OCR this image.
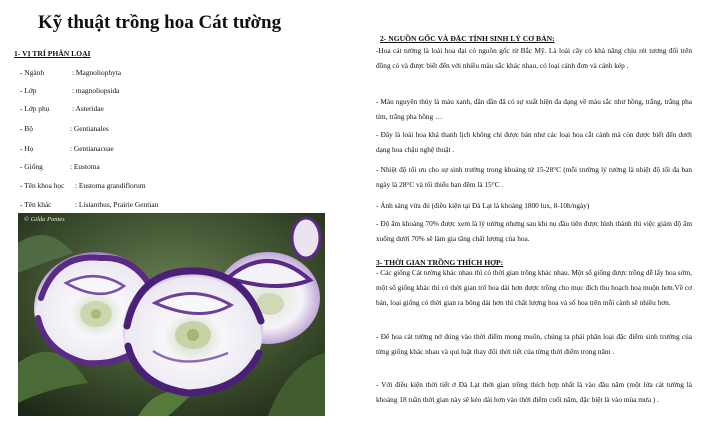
Kỹ thuật trồng hoa Cát tường
1- VỊ TRÍ PHÂN LOẠI
- Ngành	: Magnoliophyta
- Lớp	: magnoliopsida
- Lớp phụ	: Asteridae
- Bộ	: Gentianales
- Họ	: Gentianaceae
- Giống	: Eustoma
- Tên khoa học : Eustoma grandiflorum
- Tên khác	: Lisianthus, Prairie Gentian
© Gilda Pontes
2- NGUỒN GỐC VÀ ĐẶC TÍNH SINH LÝ CƠ BẢN:

-Hoa cát tường là loài hoa đại có nguồn gốc từ Bắc Mỹ. Là loài cây có khả năng chịu rét tương đối trên đồng cỏ và được biết đến với nhiều màu sắc khác nhau, có loại cánh đơn và cánh kép .

- Màu nguyên thủy là màu xanh, dần dần đã có sự xuất hiện đa dạng về màu sắc như hồng, trắng, trắng pha tím, trắng pha hồng …

- Đây là loài hoa khá thanh lịch không chỉ được bán như các loại hoa cắt cành mà còn được biết đến dưới dạng hoa chậu nghệ thuật .

- Nhiệt độ tối ưu cho sự sinh trưởng trong khoảng từ 15-28°C (mỗi trường lý tưởng là nhiệt độ tối đa ban ngày là 28°C và tối thiểu ban đêm là 15°C .

- Ánh sáng vừa đủ (điều kiện tại Đà Lạt là khoảng 1800 lux, 8-10h/ngày)

- Độ ẩm khoảng 70% được xem là lý tưởng nhưng sau khi nụ đầu tiên được hình thành thì việc giảm độ ẩm xuống dưới 70% sẽ làm gia tăng chất lượng của hoa.

3- THỜI GIAN TRỒNG THÍCH HỢP:

- Các giống Cát tường khác nhau thì có thời gian trồng khác nhau. Một số giống được trồng dễ lấy hoa sớm, một số giống khác thì có thời gian trổ hoa dài hơn được trồng cho mục đích thu hoạch hoa muộn hơn.Về cơ bản, loại giống có thời gian ra bông dài hơn thì chất lượng hoa và số hoa trên mỗi cành sẽ nhiều hơn.

- Để hoa cát tường nở đúng vào thời điểm mong muốn, chúng ta phải phân loại đặc điểm sinh trưởng của từng giống khác nhau và qui luật thay đổi thời tiết của từng thời điểm trong năm .

- Với điều kiện thời tiết ở Đà Lạt thời gian trồng thích hợp nhất là vào đầu năm (một lứa cát tường là khoảng 18 tuần thời gian này sẽ kéo dài hơn vào thời điểm cuối năm, đặc biệt là vào mùa mưa ) .
